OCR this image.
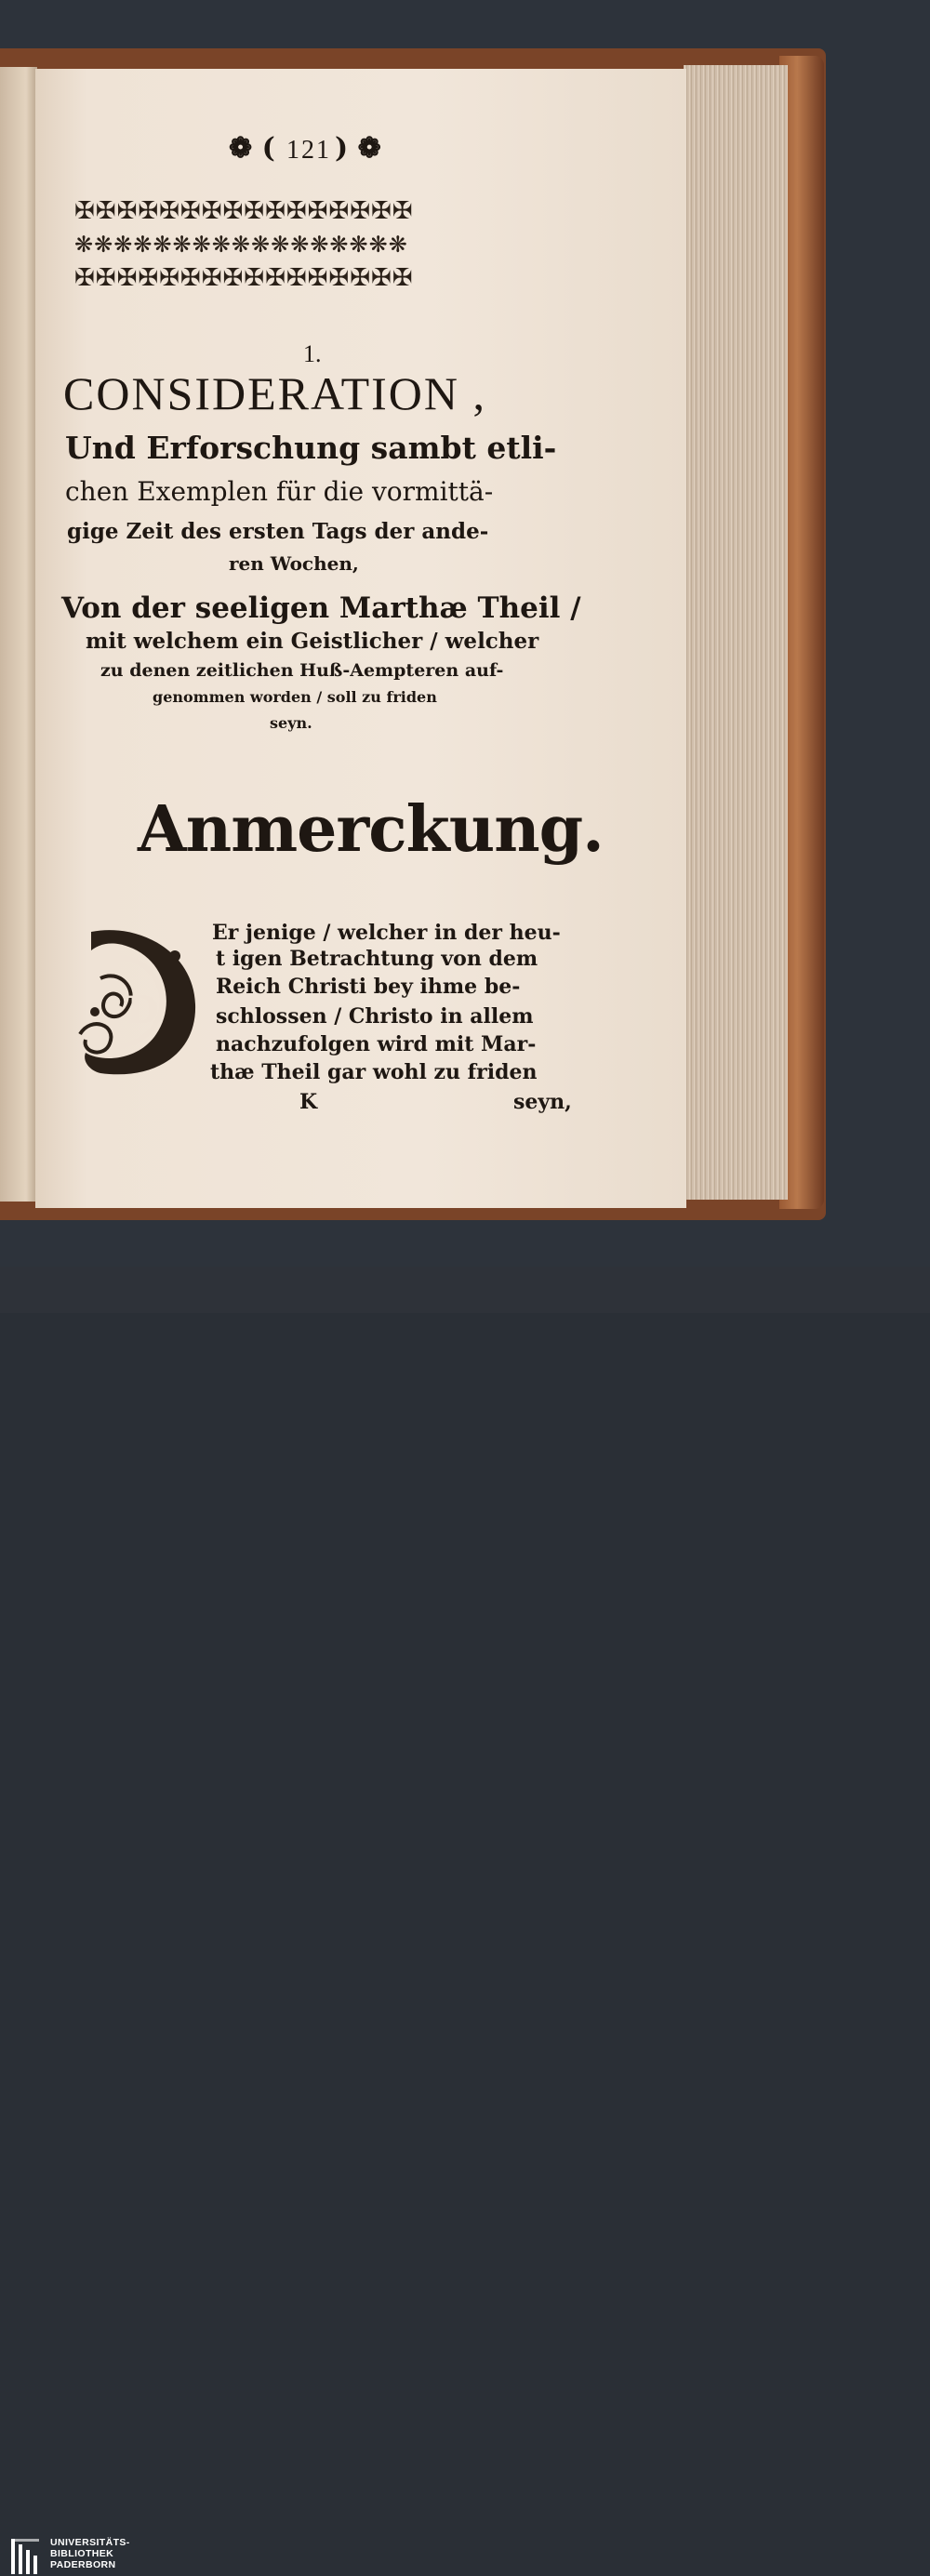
❁ ( 121 ) ❁
✠✠✠✠✠✠✠✠✠✠✠✠✠✠✠✠
❋❋❋❋❋❋❋❋❋❋❋❋❋❋❋❋❋
✠✠✠✠✠✠✠✠✠✠✠✠✠✠✠✠
1.
CONSIDERATION ,
Und Erforschung sambt etli-
chen Exemplen für die vormittä-
gige Zeit des ersten Tags der ande-
ren Wochen,
Von der seeligen Marthæ Theil /
mit welchem ein Geistlicher / welcher
zu denen zeitlichen Huß-Aempteren auf-
genommen worden / soll zu friden
seyn.
Anmerckung.
D
Er jenige / welcher in der heu-
t igen Betrachtung von dem
Reich Christi bey ihme be-
schlossen / Christo in allem
nachzufolgen wird mit Mar-
thæ Theil gar wohl zu friden
K	seyn,
UNIVERSITÄTS-
BIBLIOTHEK
PADERBORN
